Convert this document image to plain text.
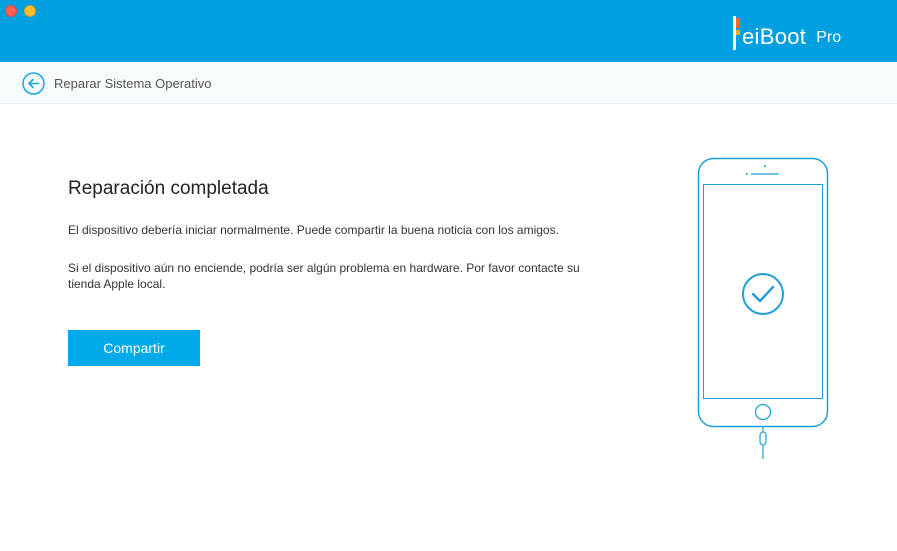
eiBoot Pro
Reparar Sistema Operativo
Reparación completada
El dispositivo debería iniciar normalmente. Puede compartir la buena noticia con los amigos.
Si el dispositivo aún no enciende, podría ser algún problema en hardware. Por favor contacte su tienda Apple local.
Compartir
